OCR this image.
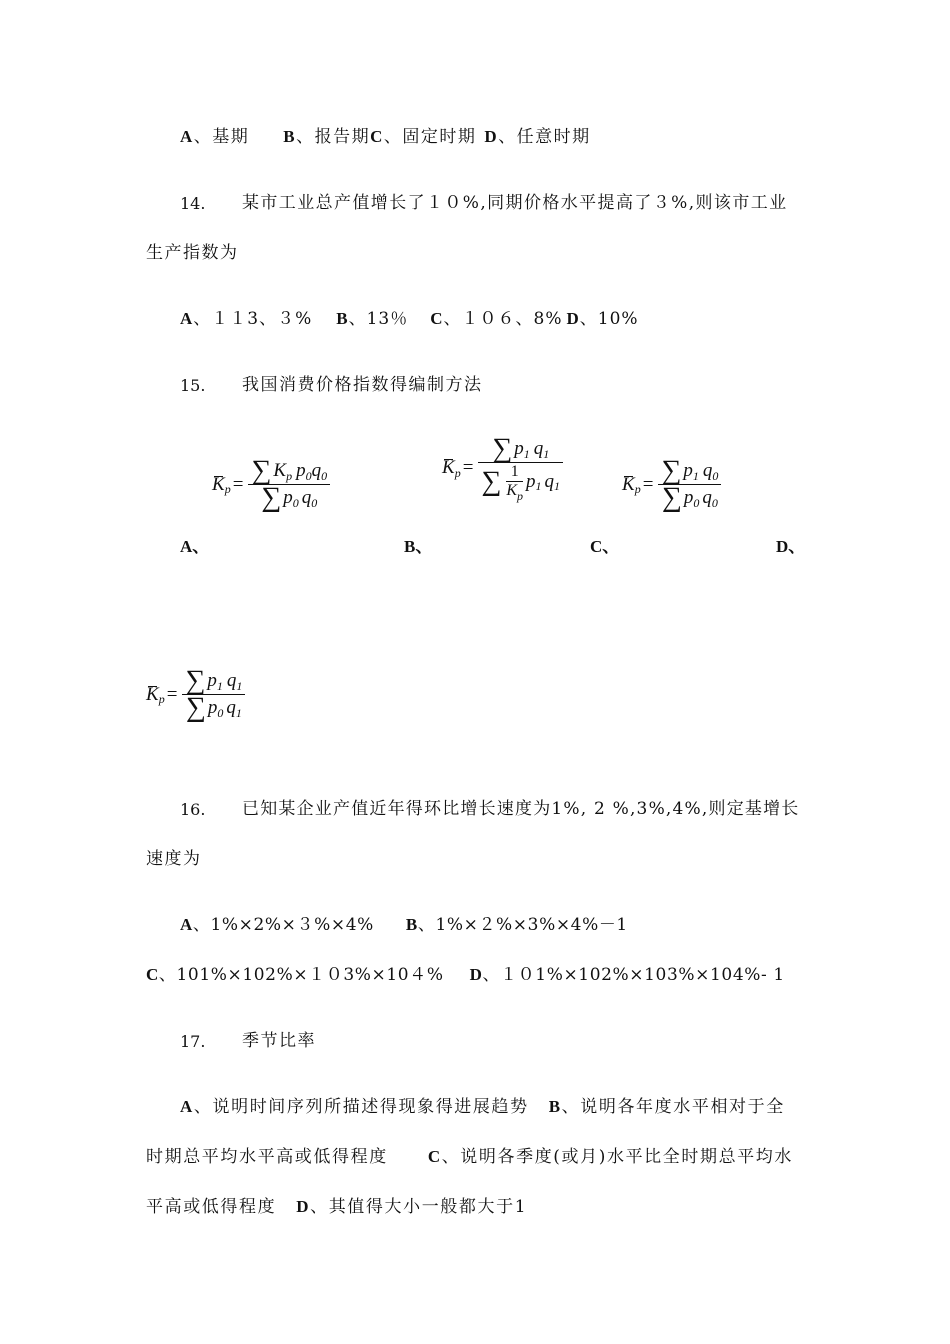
A、基期 B、报告期C、固定时期 D、任意时期
14. 某市工业总产值增长了１０%,同期价格水平提高了３%,则该市工业
生产指数为
A、１１3、３% B、13％ C、１０６、8% D、10%
15. 我国消费价格指数得编制方法
K $p = \frac{\text{∑ K p p 0 q 0}}{\sum p 0 q 0}$	K p =
∑ p 1 q 1
∑ $\frac{1}{K_p}$ p 1 q 1	K $p = \frac{\sum p 1 q 0}{\sum p 0 q 0}$
A、	B、	C、	D、
K $p = \frac{\sum p 1 q 1}{\sum p 0 q 1}$
16. 已知某企业产值近年得环比增长速度为1%, 2 %,3%,4%,则定基增长
速度为
A、1%×2%×３%×4% B、1%×２%×3%×4%－1
C、101%×102%×１０3%×10４% D、１０1%×102%×103%×104%- 1
17. 季节比率
A、说明时间序列所描述得现象得进展趋势 B、说明各年度水平相对于全
时期总平均水平高或低得程度 C、说明各季度(或月)水平比全时期总平均水
平高或低得程度 D、其值得大小一般都大于1
